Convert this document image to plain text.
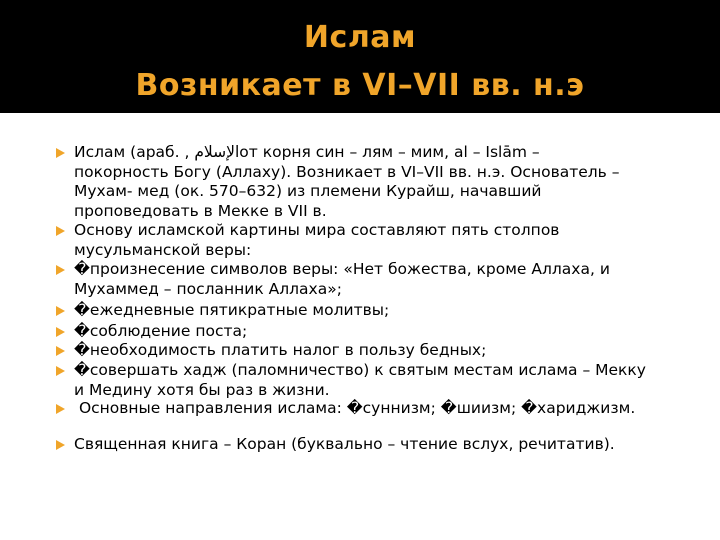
Ислам
Возникает в VI–VII вв. н.э
Ислам (араб. , الإسلامот корня син – лям – мим, al – Islām –
покорность Богу (Аллаху). Возникает в VI–VII вв. н.э. Основатель –
Мухам- мед (ок. 570–632) из племени Курайш, начавший
проповедовать в Мекке в VII в.
Основу исламской картины мира составляют пять столпов
мусульманской веры:
�произнесение символов веры: «Нет божества, кроме Аллаха, и
Мухаммед – посланник Аллаха»;
�ежедневные пятикратные молитвы;
�соблюдение поста;
�необходимость платить налог в пользу бедных;
�совершать хадж (паломничество) к святым местам ислама – Мекку
и Медину хотя бы раз в жизни.
Основные направления ислама: �суннизм; �шиизм; �хариджизм.
Священная книга – Коран (буквально – чтение вслух, речитатив).
